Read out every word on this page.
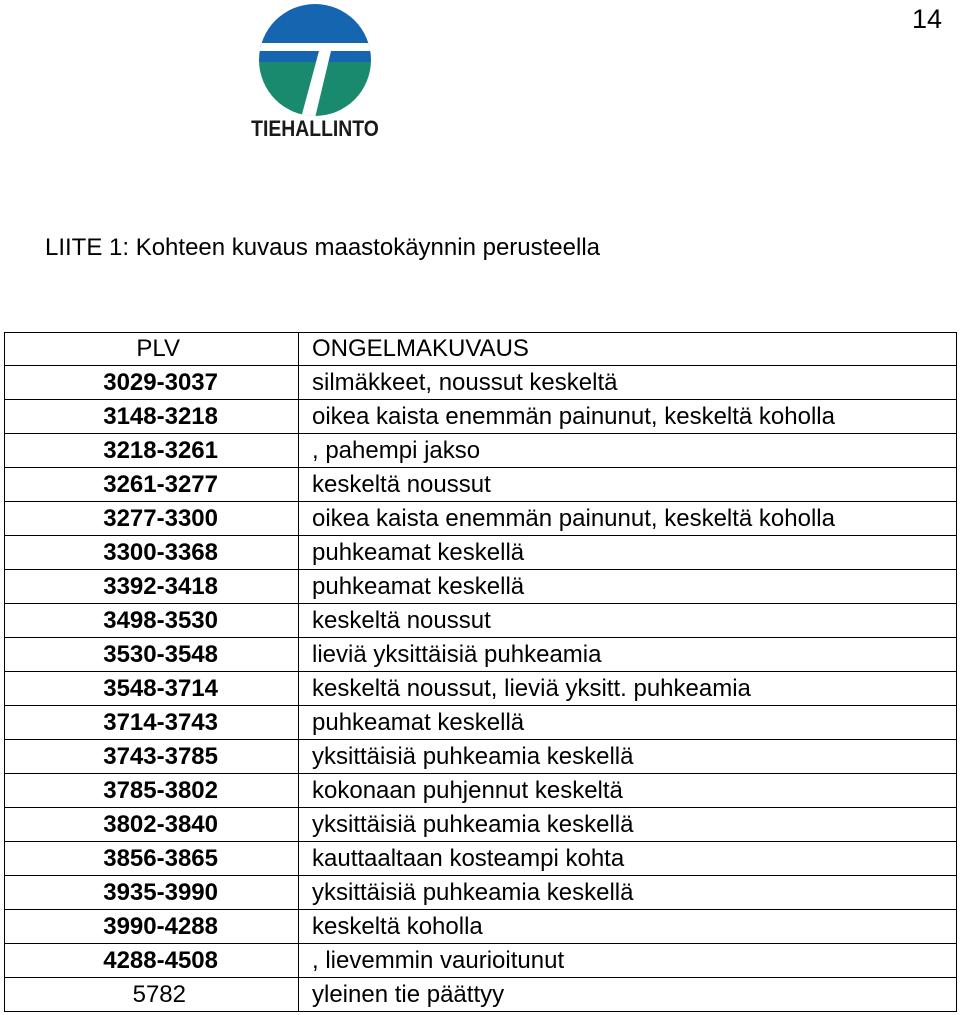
14
TIEHALLINTO
LIITE 1: Kohteen kuvaus maastokäynnin perusteella
PLV	ONGELMAKUVAUS
3029-3037	silmäkkeet, noussut keskeltä
3148-3218	oikea kaista enemmän painunut, keskeltä koholla
3218-3261	, pahempi jakso
3261-3277	keskeltä noussut
3277-3300	oikea kaista enemmän painunut, keskeltä koholla
3300-3368	puhkeamat keskellä
3392-3418	puhkeamat keskellä
3498-3530	keskeltä noussut
3530-3548	lieviä yksittäisiä puhkeamia
3548-3714	keskeltä noussut, lieviä yksitt. puhkeamia
3714-3743	puhkeamat keskellä
3743-3785	yksittäisiä puhkeamia keskellä
3785-3802	kokonaan puhjennut keskeltä
3802-3840	yksittäisiä puhkeamia keskellä
3856-3865	kauttaaltaan kosteampi kohta
3935-3990	yksittäisiä puhkeamia keskellä
3990-4288	keskeltä koholla
4288-4508	, lievemmin vaurioitunut
5782	yleinen tie päättyy
